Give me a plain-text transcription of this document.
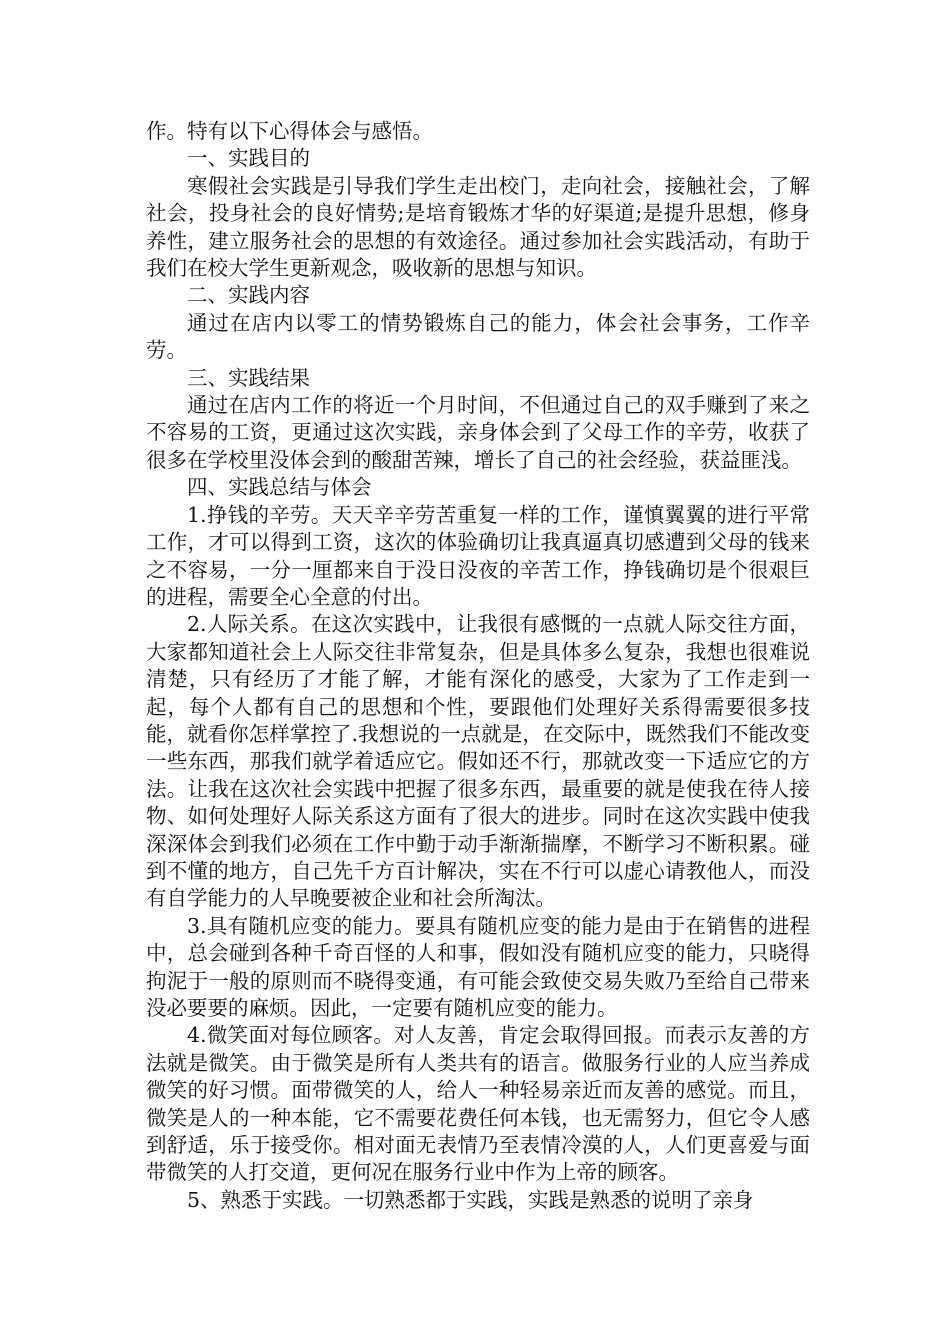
作。特有以下心得体会与感悟。

一、实践目的

寒假社会实践是引导我们学生走出校门，走向社会，接触社会，了解社会，投身社会的良好情势;是培育锻炼才华的好渠道;是提升思想，修身养性，建立服务社会的思想的有效途径。通过参加社会实践活动，有助于我们在校大学生更新观念，吸收新的思想与知识。

二、实践内容

通过在店内以零工的情势锻炼自己的能力，体会社会事务，工作辛劳。

三、实践结果

通过在店内工作的将近一个月时间，不但通过自己的双手赚到了来之不容易的工资，更通过这次实践，亲身体会到了父母工作的辛劳，收获了很多在学校里没体会到的酸甜苦辣，增长了自己的社会经验，获益匪浅。

四、实践总结与体会

1.挣钱的辛劳。天天辛辛劳苦重复一样的工作，谨慎翼翼的进行平常工作，才可以得到工资，这次的体验确切让我真逼真切感遭到父母的钱来之不容易，一分一厘都来自于没日没夜的辛苦工作，挣钱确切是个很艰巨的进程，需要全心全意的付出。

2.人际关系。在这次实践中，让我很有感慨的一点就人际交往方面，大家都知道社会上人际交往非常复杂，但是具体多么复杂，我想也很难说清楚，只有经历了才能了解，才能有深化的感受，大家为了工作走到一起，每个人都有自己的思想和个性，要跟他们处理好关系得需要很多技能，就看你怎样掌控了.我想说的一点就是，在交际中，既然我们不能改变一些东西，那我们就学着适应它。假如还不行，那就改变一下适应它的方法。让我在这次社会实践中把握了很多东西，最重要的就是使我在待人接物、如何处理好人际关系这方面有了很大的进步。同时在这次实践中使我深深体会到我们必须在工作中勤于动手渐渐揣摩，不断学习不断积累。碰到不懂的地方，自己先千方百计解决，实在不行可以虚心请教他人，而没有自学能力的人早晚要被企业和社会所淘汰。

3.具有随机应变的能力。要具有随机应变的能力是由于在销售的进程中，总会碰到各种千奇百怪的人和事，假如没有随机应变的能力，只晓得拘泥于一般的原则而不晓得变通，有可能会致使交易失败乃至给自己带来没必要要的麻烦。因此，一定要有随机应变的能力。

4.微笑面对每位顾客。对人友善，肯定会取得回报。而表示友善的方法就是微笑。由于微笑是所有人类共有的语言。做服务行业的人应当养成微笑的好习惯。面带微笑的人，给人一种轻易亲近而友善的感觉。而且，微笑是人的一种本能，它不需要花费任何本钱，也无需努力，但它令人感到舒适，乐于接受你。相对面无表情乃至表情冷漠的人，人们更喜爱与面带微笑的人打交道，更何况在服务行业中作为上帝的顾客。

5、熟悉于实践。一切熟悉都于实践，实践是熟悉的说明了亲身
